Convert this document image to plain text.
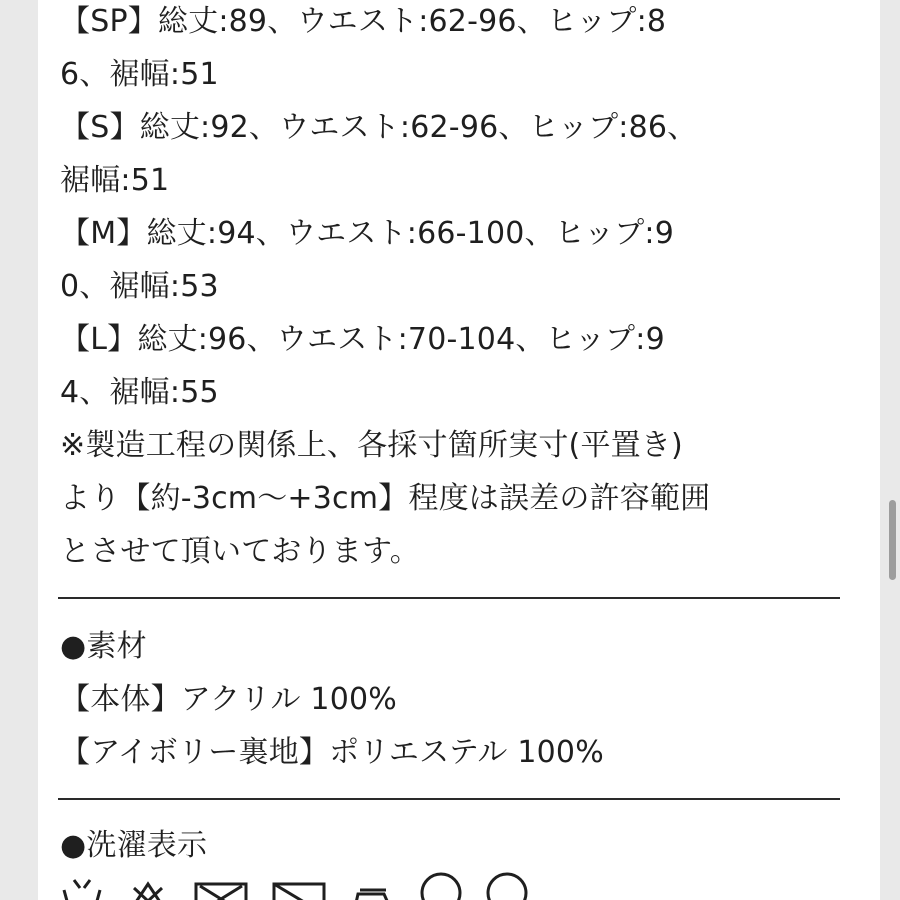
【SP】総丈:89、ウエスト:62-96、ヒップ:8
6、裾幅:51
【S】総丈:92、ウエスト:62-96、ヒップ:86、
裾幅:51
【M】総丈:94、ウエスト:66-100、ヒップ:9
0、裾幅:53
【L】総丈:96、ウエスト:70-104、ヒップ:9
4、裾幅:55
※製造工程の関係上、各採寸箇所実寸(平置き)
より【約-3cm〜+3cm】程度は誤差の許容範囲
とさせて頂いております。
●素材
【本体】アクリル 100%
【アイボリー裏地】ポリエステル 100%
●洗濯表示
